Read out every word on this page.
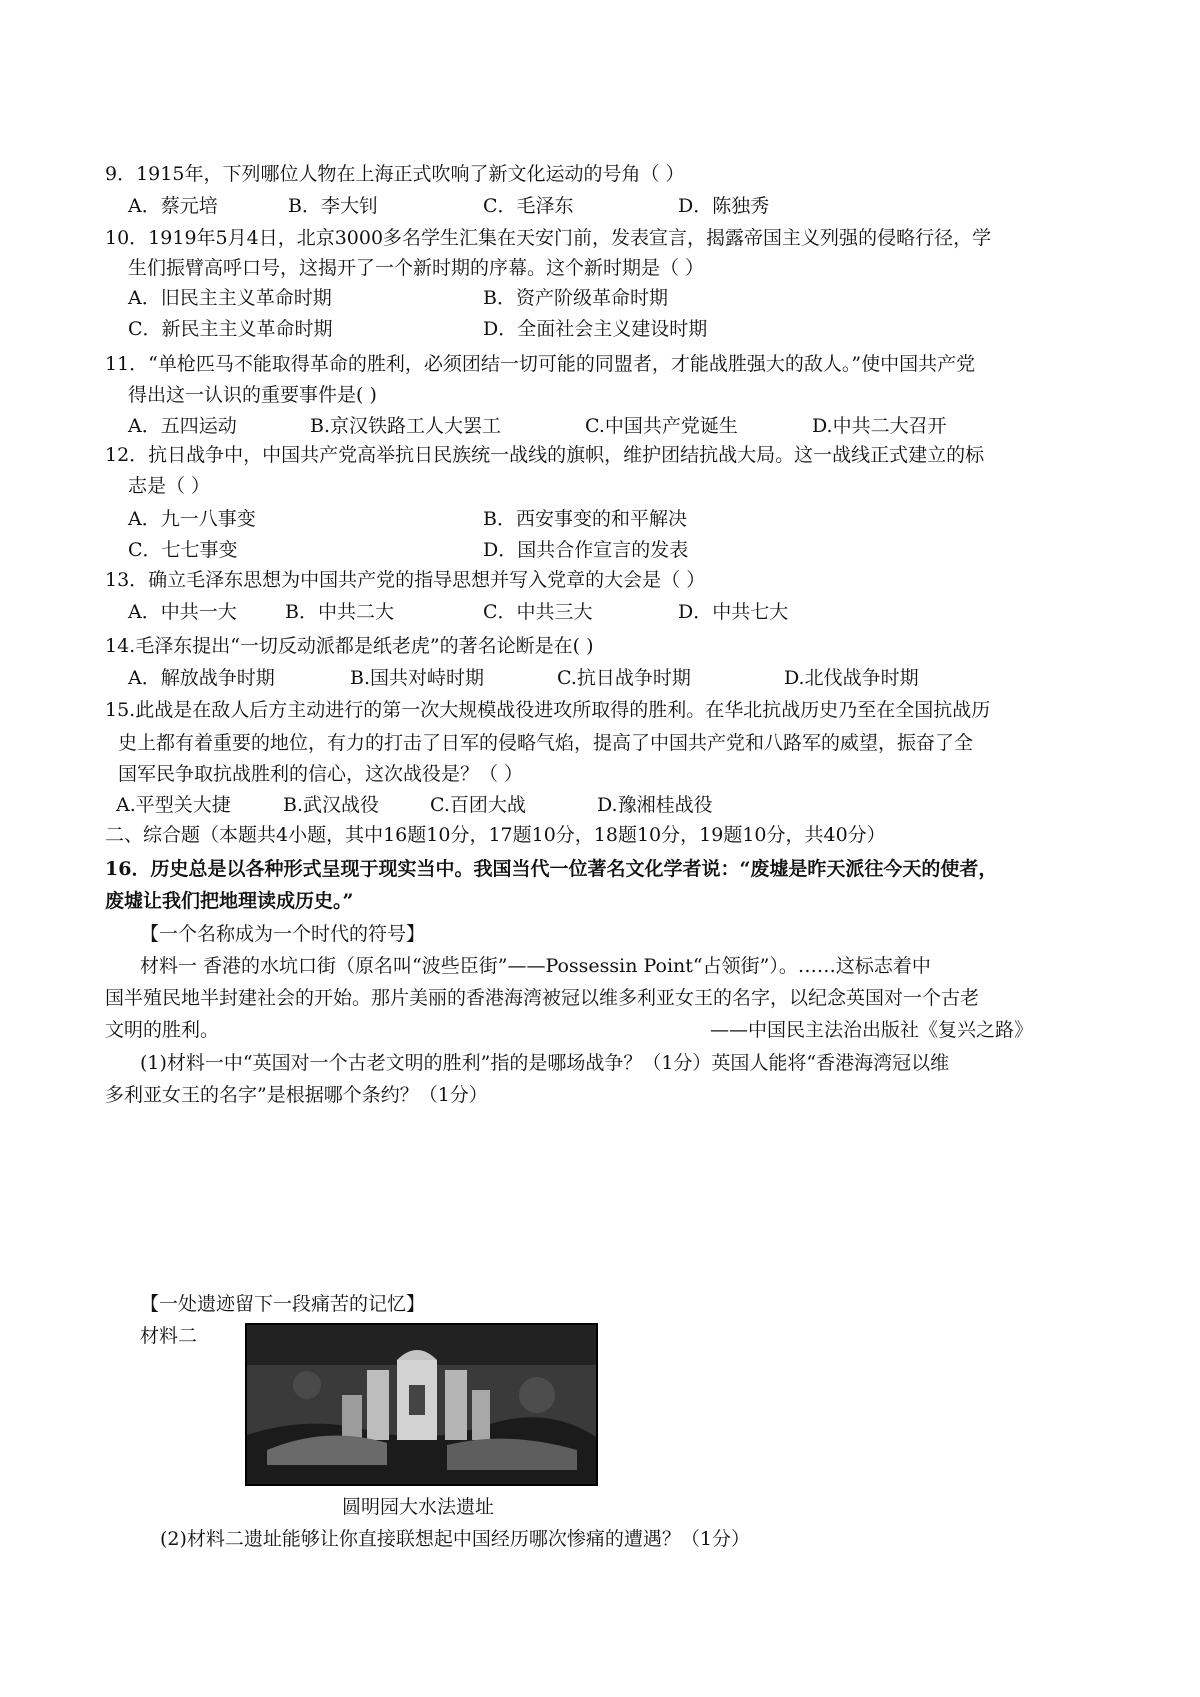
9．1915年，下列哪位人物在上海正式吹响了新文化运动的号角（ ）
A．蔡元培	B．李大钊	C．毛泽东	D．陈独秀
10．1919年5月4日，北京3000多名学生汇集在天安门前，发表宣言，揭露帝国主义列强的侵略行径，学
生们振臂高呼口号，这揭开了一个新时期的序幕。这个新时期是（ ）
A．旧民主主义革命时期	B．资产阶级革命时期
C．新民主主义革命时期	D．全面社会主义建设时期
11．“单枪匹马不能取得革命的胜利，必须团结一切可能的同盟者，才能战胜强大的敌人。”使中国共产党
得出这一认识的重要事件是( )
A．五四运动	B.京汉铁路工人大罢工	C.中国共产党诞生	D.中共二大召开
12．抗日战争中，中国共产党高举抗日民族统一战线的旗帜，维护团结抗战大局。这一战线正式建立的标
志是（ ）
A．九一八事变	B．西安事变的和平解决
C．七七事变	D．国共合作宣言的发表
13．确立毛泽东思想为中国共产党的指导思想并写入党章的大会是（ ）
A．中共一大	B．中共二大	C．中共三大	D．中共七大
14.毛泽东提出“一切反动派都是纸老虎”的著名论断是在( )
A．解放战争时期	B.国共对峙时期	C.抗日战争时期	D.北伐战争时期
15.此战是在敌人后方主动进行的第一次大规模战役进攻所取得的胜利。在华北抗战历史乃至在全国抗战历
史上都有着重要的地位，有力的打击了日军的侵略气焰，提高了中国共产党和八路军的威望，振奋了全
国军民争取抗战胜利的信心，这次战役是？（ ）
A.平型关大捷	B.武汉战役	C.百团大战	D.豫湘桂战役
二、综合题（本题共4小题，其中16题10分，17题10分，18题10分，19题10分，共40分）
16．历史总是以各种形式呈现于现实当中。我国当代一位著名文化学者说：“废墟是昨天派往今天的使者，
废墟让我们把地理读成历史。”
【一个名称成为一个时代的符号】
材料一 香港的水坑口街（原名叫“波些臣街”——Possessin Point“占领街”）。……这标志着中
国半殖民地半封建社会的开始。那片美丽的香港海湾被冠以维多利亚女王的名字，以纪念英国对一个古老
文明的胜利。	——中国民主法治出版社《复兴之路》
(1)材料一中“英国对一个古老文明的胜利”指的是哪场战争？（1分）英国人能将“香港海湾冠以维
多利亚女王的名字”是根据哪个条约？（1分）
【一处遗迹留下一段痛苦的记忆】
材料二
圆明园大水法遗址
(2)材料二遗址能够让你直接联想起中国经历哪次惨痛的遭遇？（1分）
